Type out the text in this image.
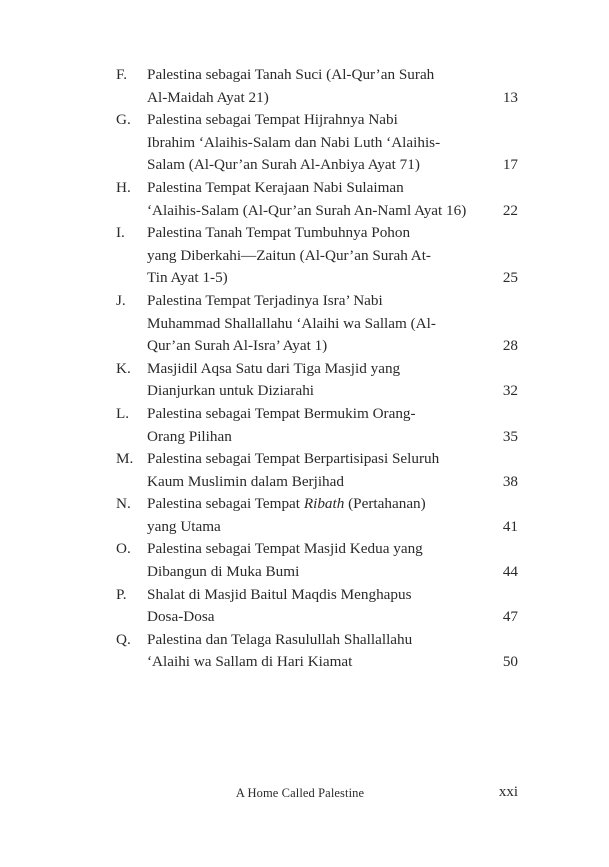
F.	Palestina sebagai Tanah Suci (Al-Qur’an Surah
Al-Maidah Ayat 21)	13
G.	Palestina sebagai Tempat Hijrahnya Nabi
Ibrahim ‘Alaihis-Salam dan Nabi Luth ‘Alaihis-
Salam (Al-Qur’an Surah Al-Anbiya Ayat 71)	17
H.	Palestina Tempat Kerajaan Nabi Sulaiman
‘Alaihis-Salam (Al-Qur’an Surah An-Naml Ayat 16)	22
I.	Palestina Tanah Tempat Tumbuhnya Pohon
yang Diberkahi—Zaitun (Al-Qur’an Surah At-
Tin Ayat 1-5)	25
J.	Palestina Tempat Terjadinya Isra’ Nabi
Muhammad Shallallahu ‘Alaihi wa Sallam (Al-
Qur’an Surah Al-Isra’ Ayat 1)	28
K.	Masjidil Aqsa Satu dari Tiga Masjid yang
Dianjurkan untuk Diziarahi	32
L.	Palestina sebagai Tempat Bermukim Orang-
Orang Pilihan	35
M. Palestina sebagai Tempat Berpartisipasi Seluruh
Kaum Muslimin dalam Berjihad	38
N.	Palestina sebagai Tempat Ribath (Pertahanan)
yang Utama	41
O.	Palestina sebagai Tempat Masjid Kedua yang
Dibangun di Muka Bumi	44
P.	Shalat di Masjid Baitul Maqdis Menghapus
Dosa-Dosa	47
Q.	Palestina dan Telaga Rasulullah Shallallahu
‘Alaihi wa Sallam di Hari Kiamat	50
A Home Called Palestine	xxi
